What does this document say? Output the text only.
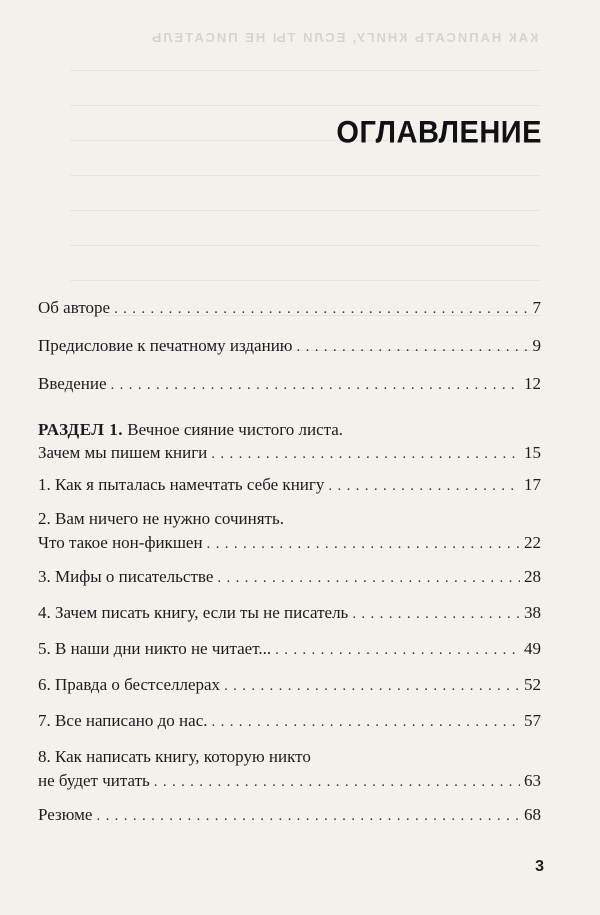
КАК НАПИСАТЬ КНИГУ, ЕСЛИ ТЫ НЕ ПИСАТЕЛЬ
ОГЛАВЛЕНИЕ
Об авторе . . .	7
Предисловие к печатному изданию . . .	9
Введение . . .	12
РАЗДЕЛ 1. Вечное сияние чистого листа.
Зачем мы пишем книги . . .	15
1. Как я пыталась намечтать себе книгу . . .	17
2. Вам ничего не нужно сочинять.
Что такое нон-фикшен . . .	22
3. Мифы о писательстве . . .	28
4. Зачем писать книгу, если ты не писатель . . .	38
5. В наши дни никто не читает... . . .	49
6. Правда о бестселлерах . . .	52
7. Все написано до нас. . . .	57
8. Как написать книгу, которую никто
не будет читать . . .	63
Резюме . . .	68
3
